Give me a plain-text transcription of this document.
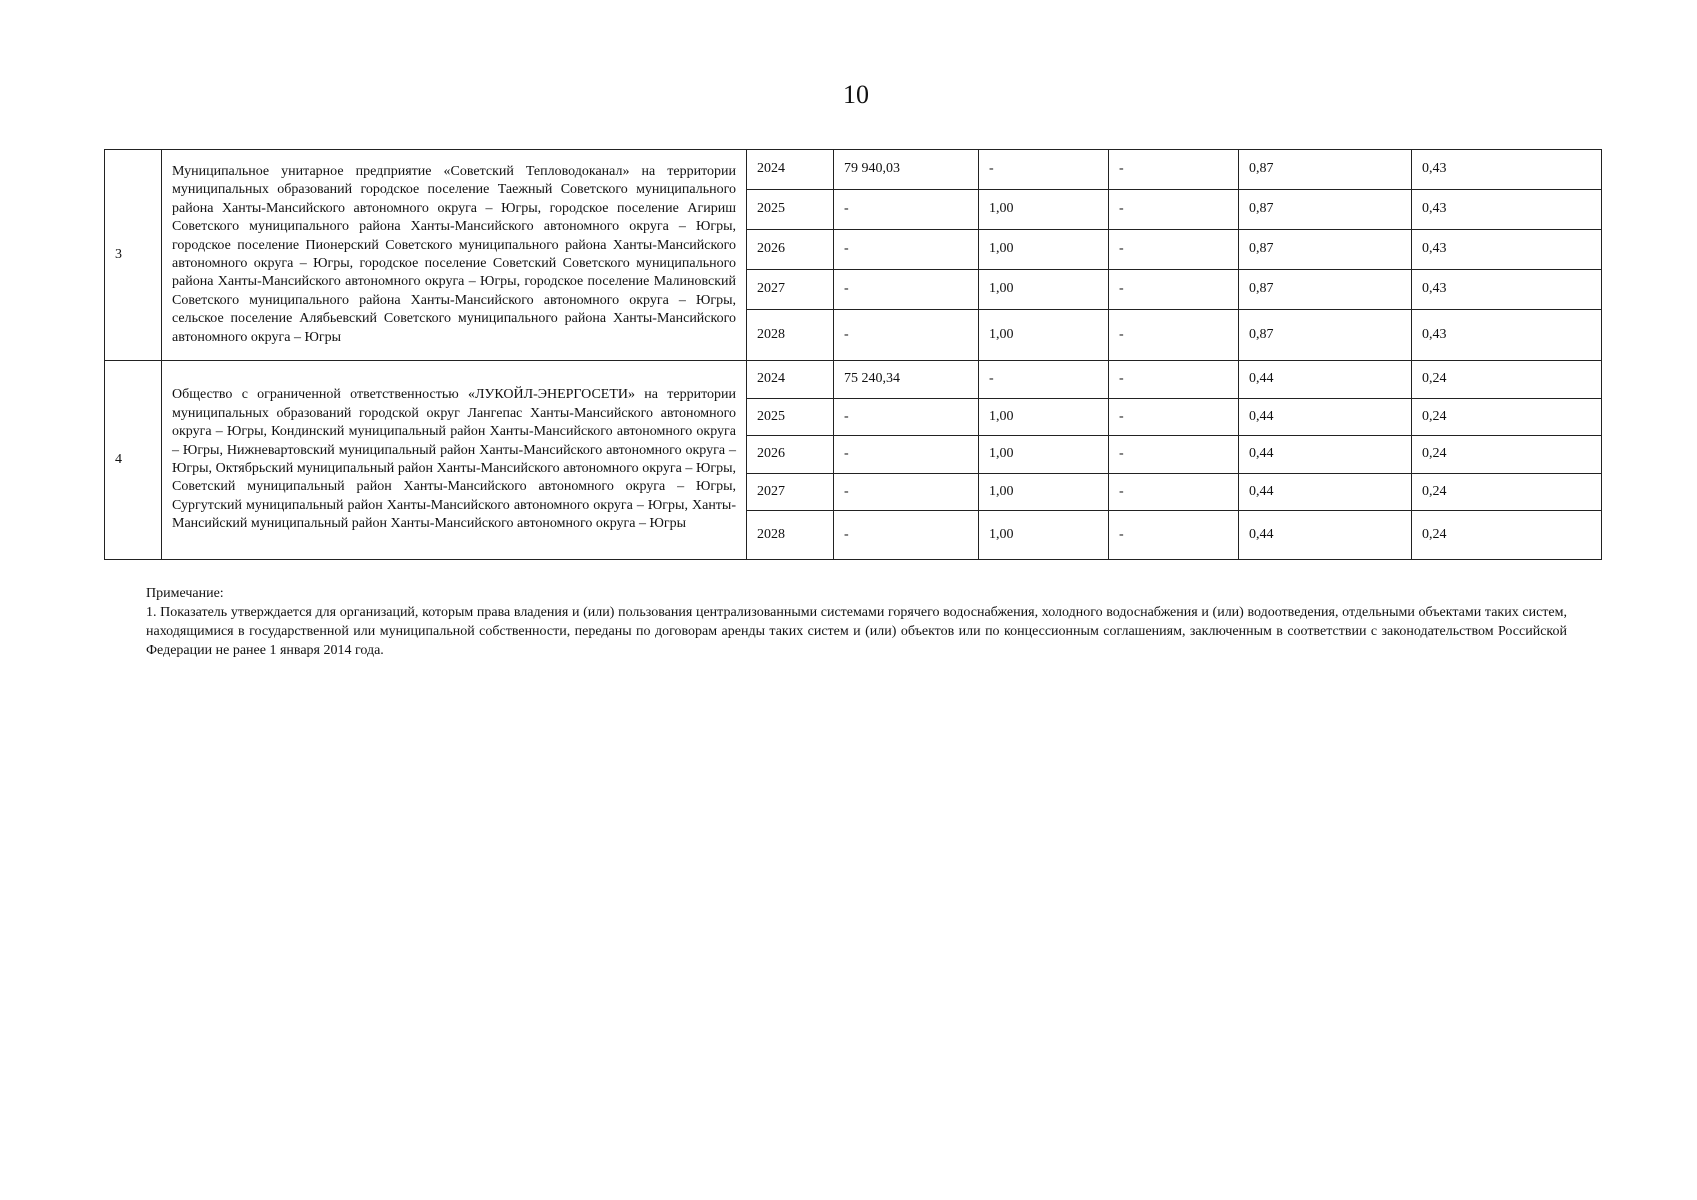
10
3	Муниципальное унитарное предприятие «Советский Тепловодоканал» на территории муниципальных образований городское поселение Таежный Советского муниципального района Ханты-Мансийского автономного округа – Югры, городское поселение Агириш Советского муниципального района Ханты-Мансийского автономного округа – Югры, городское поселение Пионерский Советского муниципального района Ханты-Мансийского автономного округа – Югры, городское поселение Советский Советского муниципального района Ханты-Мансийского автономного округа – Югры, городское поселение Малиновский Советского муниципального района Ханты-Мансийского автономного округа – Югры, сельское поселение Алябьевский Советского муниципального района Ханты-Мансийского автономного округа – Югры	2024	79 940,03	-	-	0,87	0,43
		2025	-	1,00	-	0,87	0,43
		2026	-	1,00	-	0,87	0,43
		2027	-	1,00	-	0,87	0,43
		2028	-	1,00	-	0,87	0,43
4	Общество с ограниченной ответственностью «ЛУКОЙЛ-ЭНЕРГОСЕТИ» на территории муниципальных образований городской округ Лангепас Ханты-Мансийского автономного округа – Югры, Кондинский муниципальный район Ханты-Мансийского автономного округа – Югры, Нижневартовский муниципальный район Ханты-Мансийского автономного округа – Югры, Октябрьский муниципальный район Ханты-Мансийского автономного округа – Югры, Советский муниципальный район Ханты-Мансийского автономного округа – Югры, Сургутский муниципальный район Ханты-Мансийского автономного округа – Югры, Ханты-Мансийский муниципальный район Ханты-Мансийского автономного округа – Югры	2024	75 240,34	-	-	0,44	0,24
		2025	-	1,00	-	0,44	0,24
		2026	-	1,00	-	0,44	0,24
		2027	-	1,00	-	0,44	0,24
		2028	-	1,00	-	0,44	0,24
Примечание:
1. Показатель утверждается для организаций, которым права владения и (или) пользования централизованными системами горячего водоснабжения, холодного водоснабжения и (или) водоотведения, отдельными объектами таких систем, находящимися в государственной или муниципальной собственности, переданы по договорам аренды таких систем и (или) объектов или по концессионным соглашениям, заключенным в соответствии с законодательством Российской Федерации не ранее 1 января 2014 года.
